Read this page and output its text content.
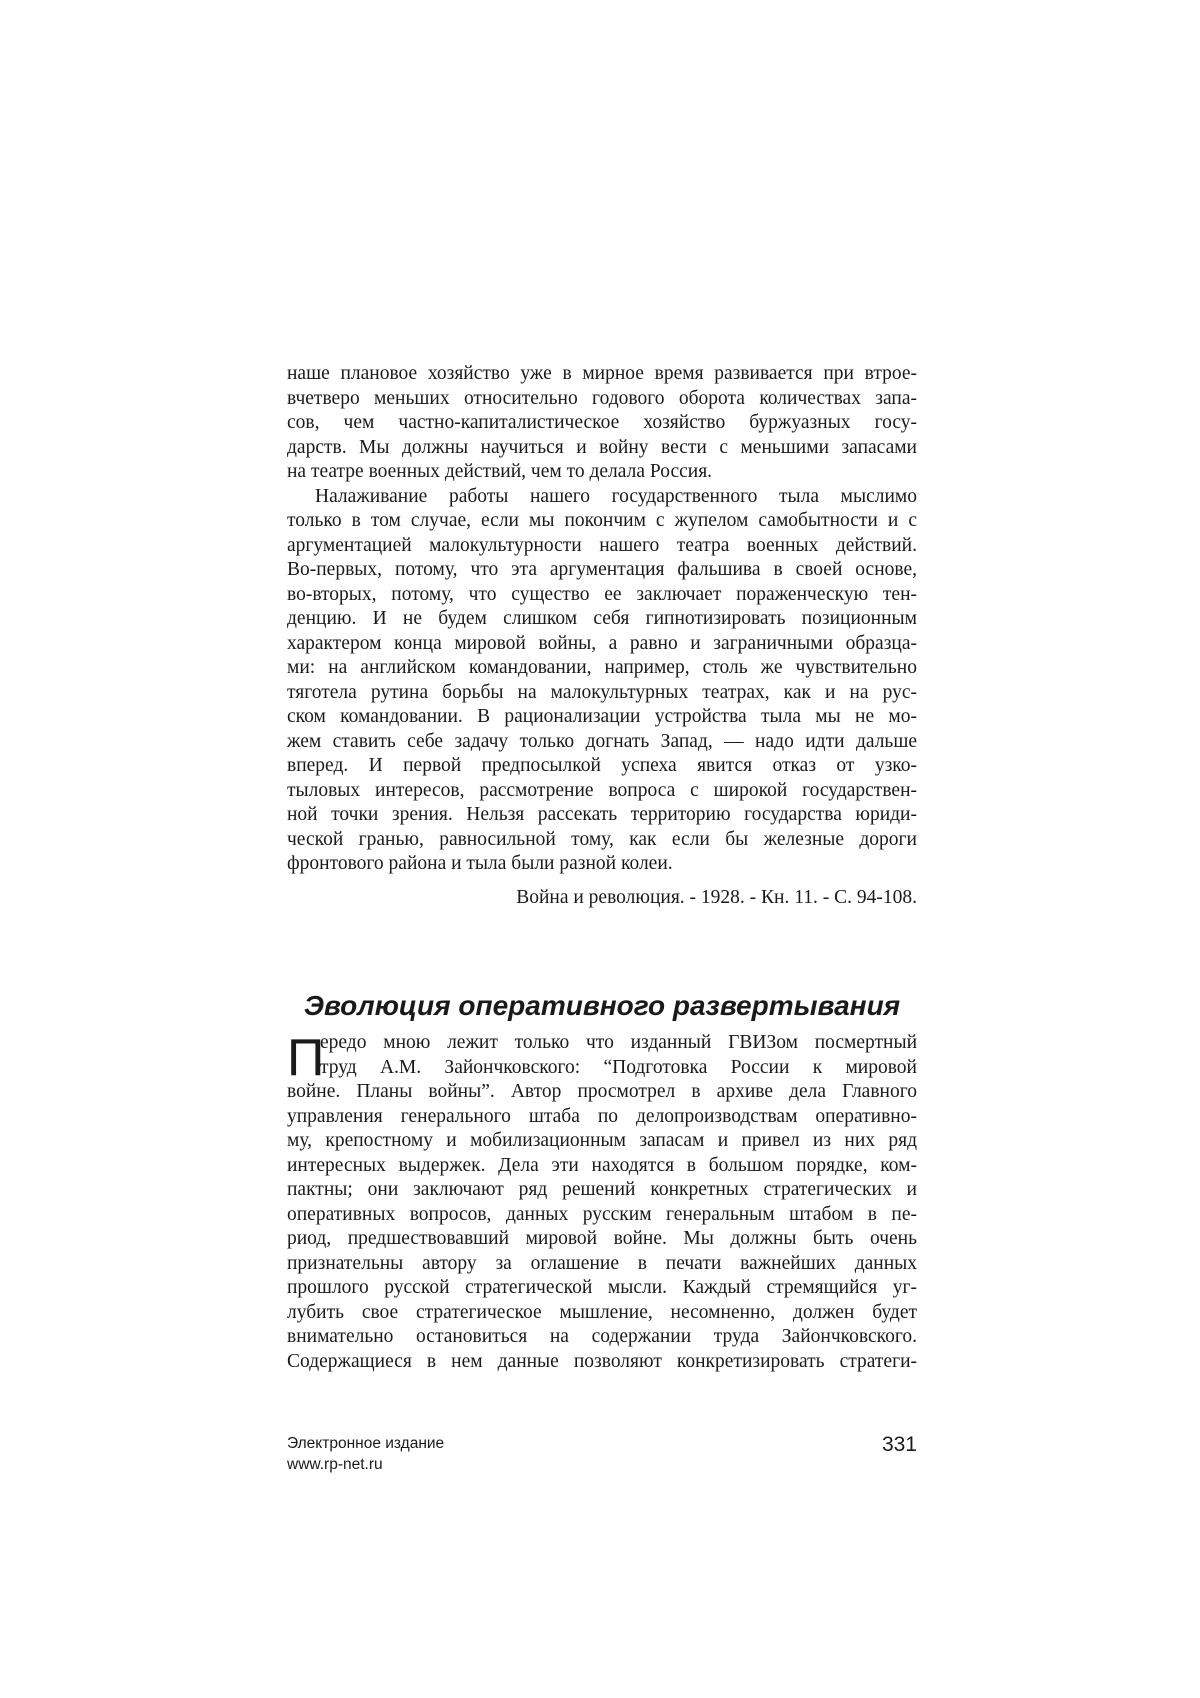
наше плановое хозяйство уже в мирное время развивается при втрое-
вчетверо меньших относительно годового оборота количествах запа-
сов, чем частно-капиталистическое хозяйство буржуазных госу-
дарств. Мы должны научиться и войну вести с меньшими запасами
на театре военных действий, чем то делала Россия.
Налаживание работы нашего государственного тыла мыслимо
только в том случае, если мы покончим с жупелом самобытности и с
аргументацией малокультурности нашего театра военных действий.
Во-первых, потому, что эта аргументация фальшива в своей основе,
во-вторых, потому, что существо ее заключает пораженческую тен-
денцию. И не будем слишком себя гипнотизировать позиционным
характером конца мировой войны, а равно и заграничными образца-
ми: на английском командовании, например, столь же чувствительно
тяготела рутина борьбы на малокультурных театрах, как и на рус-
ском командовании. В рационализации устройства тыла мы не мо-
жем ставить себе задачу только догнать Запад, — надо идти дальше
вперед. И первой предпосылкой успеха явится отказ от узко-
тыловых интересов, рассмотрение вопроса с широкой государствен-
ной точки зрения. Нельзя рассекать территорию государства юриди-
ческой гранью, равносильной тому, как если бы железные дороги
фронтового района и тыла были разной колеи.
Война и революция. - 1928. - Кн. 11. - С. 94-108.
Эволюция оперативного развертывания
П
ередо мною лежит только что изданный ГВИЗом посмертный
труд А.М. Зайончковского: “Подготовка России к мировой
войне. Планы войны”. Автор просмотрел в архиве дела Главного
управления генерального штаба по делопроизводствам оперативно-
му, крепостному и мобилизационным запасам и привел из них ряд
интересных выдержек. Дела эти находятся в большом порядке, ком-
пактны; они заключают ряд решений конкретных стратегических и
оперативных вопросов, данных русским генеральным штабом в пе-
риод, предшествовавший мировой войне. Мы должны быть очень
признательны автору за оглашение в печати важнейших данных
прошлого русской стратегической мысли. Каждый стремящийся уг-
лубить свое стратегическое мышление, несомненно, должен будет
внимательно остановиться на содержании труда Зайончковского.
Содержащиеся в нем данные позволяют конкретизировать стратеги-
Электронное издание
www.rp-net.ru
331
